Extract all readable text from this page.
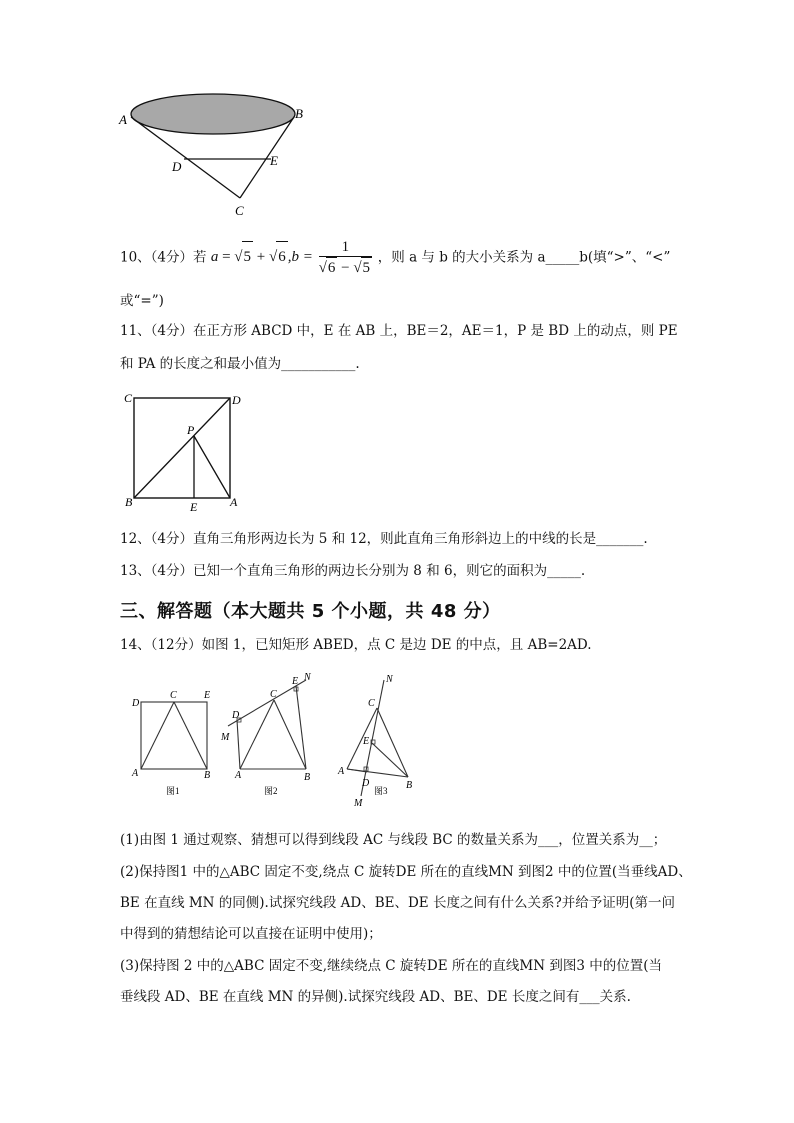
A	B
D	E
C
10、（4分）若 a = √5 + √6 $,b = \frac{1}{√6 - √5}$ ，则 a 与 b 的大小关系为 a_____b(填“>”、“<”
或“=”)
11、（4分）在正方形 ABCD 中，E 在 AB 上，BE＝2，AE＝1，P 是 BD 上的动点，则 PE
和 PA 的长度之和最小值为___________.
C	D
P
B	E	A
12、（4分）直角三角形两边长为 5 和 12，则此直角三角形斜边上的中线的长是_______.
13、（4分）已知一个直角三角形的两边长分别为 8 和 6，则它的面积为_____.
三、解答题（本大题共 5 个小题，共 48 分）
14、（12分）如图 1，已知矩形 ABED，点 C 是边 DE 的中点，且 AB=2AD.
D
C	E
A	B
图1
D
M
C
E N
A	B
图2
N
C
E
A
D	B
M
图3
(1)由图 1 通过观察、猜想可以得到线段 AC 与线段 BC 的数量关系为___，位置关系为__；
(2)保持图1 中的△ABC 固定不变,绕点 C 旋转DE 所在的直线MN 到图2 中的位置(当垂线AD、
BE 在直线 MN 的同侧).试探究线段 AD、BE、DE 长度之间有什么关系?并给予证明(第一问
中得到的猜想结论可以直接在证明中使用)；
(3)保持图 2 中的△ABC 固定不变,继续绕点 C 旋转DE 所在的直线MN 到图3 中的位置(当
垂线段 AD、BE 在直线 MN 的异侧).试探究线段 AD、BE、DE 长度之间有___关系.
